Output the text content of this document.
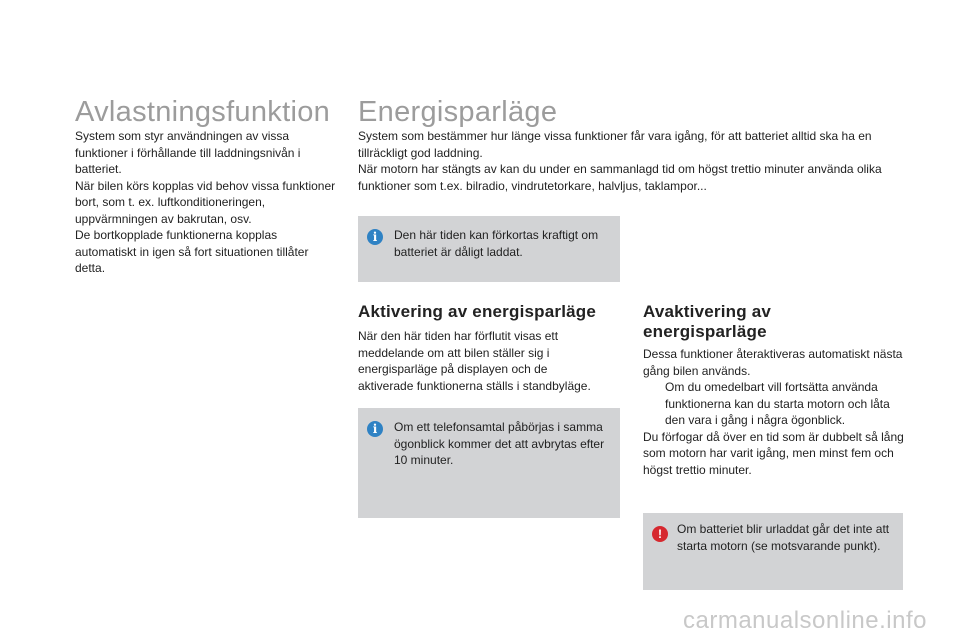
Avlastningsfunktion

System som styr användningen av vissa funktioner i förhållande till laddningsnivån i batteriet.

När bilen körs kopplas vid behov vissa funktioner bort, som t. ex. luftkonditioneringen, uppvärmningen av bakrutan, osv.

De bortkopplade funktionerna kopplas automatiskt in igen så fort situationen tillåter detta.

Energisparläge

System som bestämmer hur länge vissa funktioner får vara igång, för att batteriet alltid ska ha en tillräckligt god laddning.

När motorn har stängts av kan du under en sammanlagd tid om högst trettio minuter använda olika funktioner som t.ex. bilradio, vindrutetorkare, halvljus, taklampor...

i	Den här tiden kan förkortas kraftigt om batteriet är dåligt laddat.
Aktivering av energisparläge
När den här tiden har förflutit visas ett meddelande om att bilen ställer sig i energisparläge på displayen och de aktiverade funktionerna ställs i standbyläge.
i	Om ett telefonsamtal påbörjas i samma ögonblick kommer det att avbrytas efter 10 minuter.
Avaktivering av energisparläge

Dessa funktioner återaktiveras automatiskt nästa gång bilen används.

Om du omedelbart vill fortsätta använda funktionerna kan du starta motorn och låta den vara i gång i några ögonblick.

Du förfogar då över en tid som är dubbelt så lång som motorn har varit igång, men minst fem och högst trettio minuter.

!	Om batteriet blir urladdat går det inte att starta motorn (se motsvarande punkt).
carmanualsonline.info
